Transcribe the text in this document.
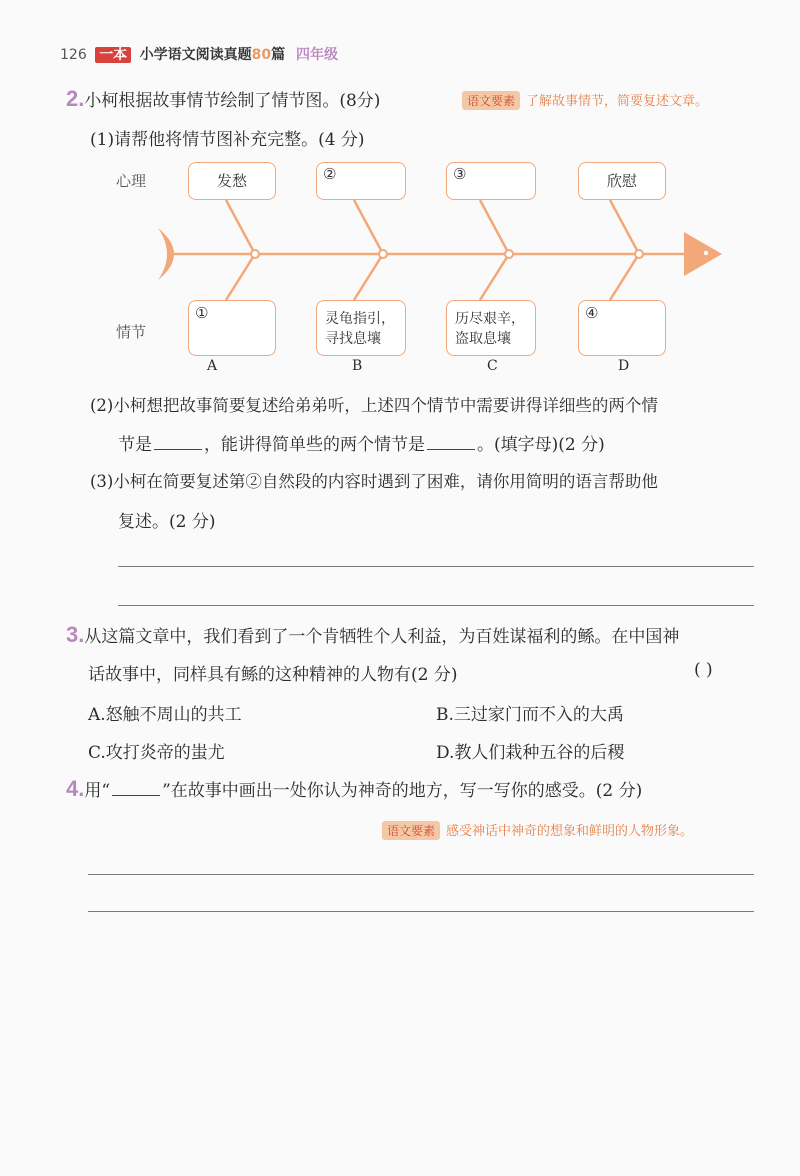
126 一本 小学语文阅读真题80篇 四年级
2.小柯根据故事情节绘制了情节图。(8分)	语文要素 了解故事情节，简要复述文章。
(1)请帮他将情节图补充完整。(4 分)
心理
情节
发愁	②	③	欣慰
①	灵龟指引，寻找息壤
历尽艰辛，盗取息壤
④
A	B	C	D
(2)小柯想把故事简要复述给弟弟听，上述四个情节中需要讲得详细些的两个情
节是	，能讲得简单些的两个情节是	。(填字母)(2 分)
(3)小柯在简要复述第②自然段的内容时遇到了困难，请你用简明的语言帮助他
复述。(2 分)
3.从这篇文章中，我们看到了一个肯牺牲个人利益，为百姓谋福利的鲧。在中国神
话故事中，同样具有鲧的这种精神的人物有(2 分)	( )
A.怒触不周山的共工	B.三过家门而不入的大禹
C.攻打炎帝的蚩尤	D.教人们栽种五谷的后稷
4.用“	”在故事中画出一处你认为神奇的地方，写一写你的感受。(2 分)
语文要素 感受神话中神奇的想象和鲜明的人物形象。
